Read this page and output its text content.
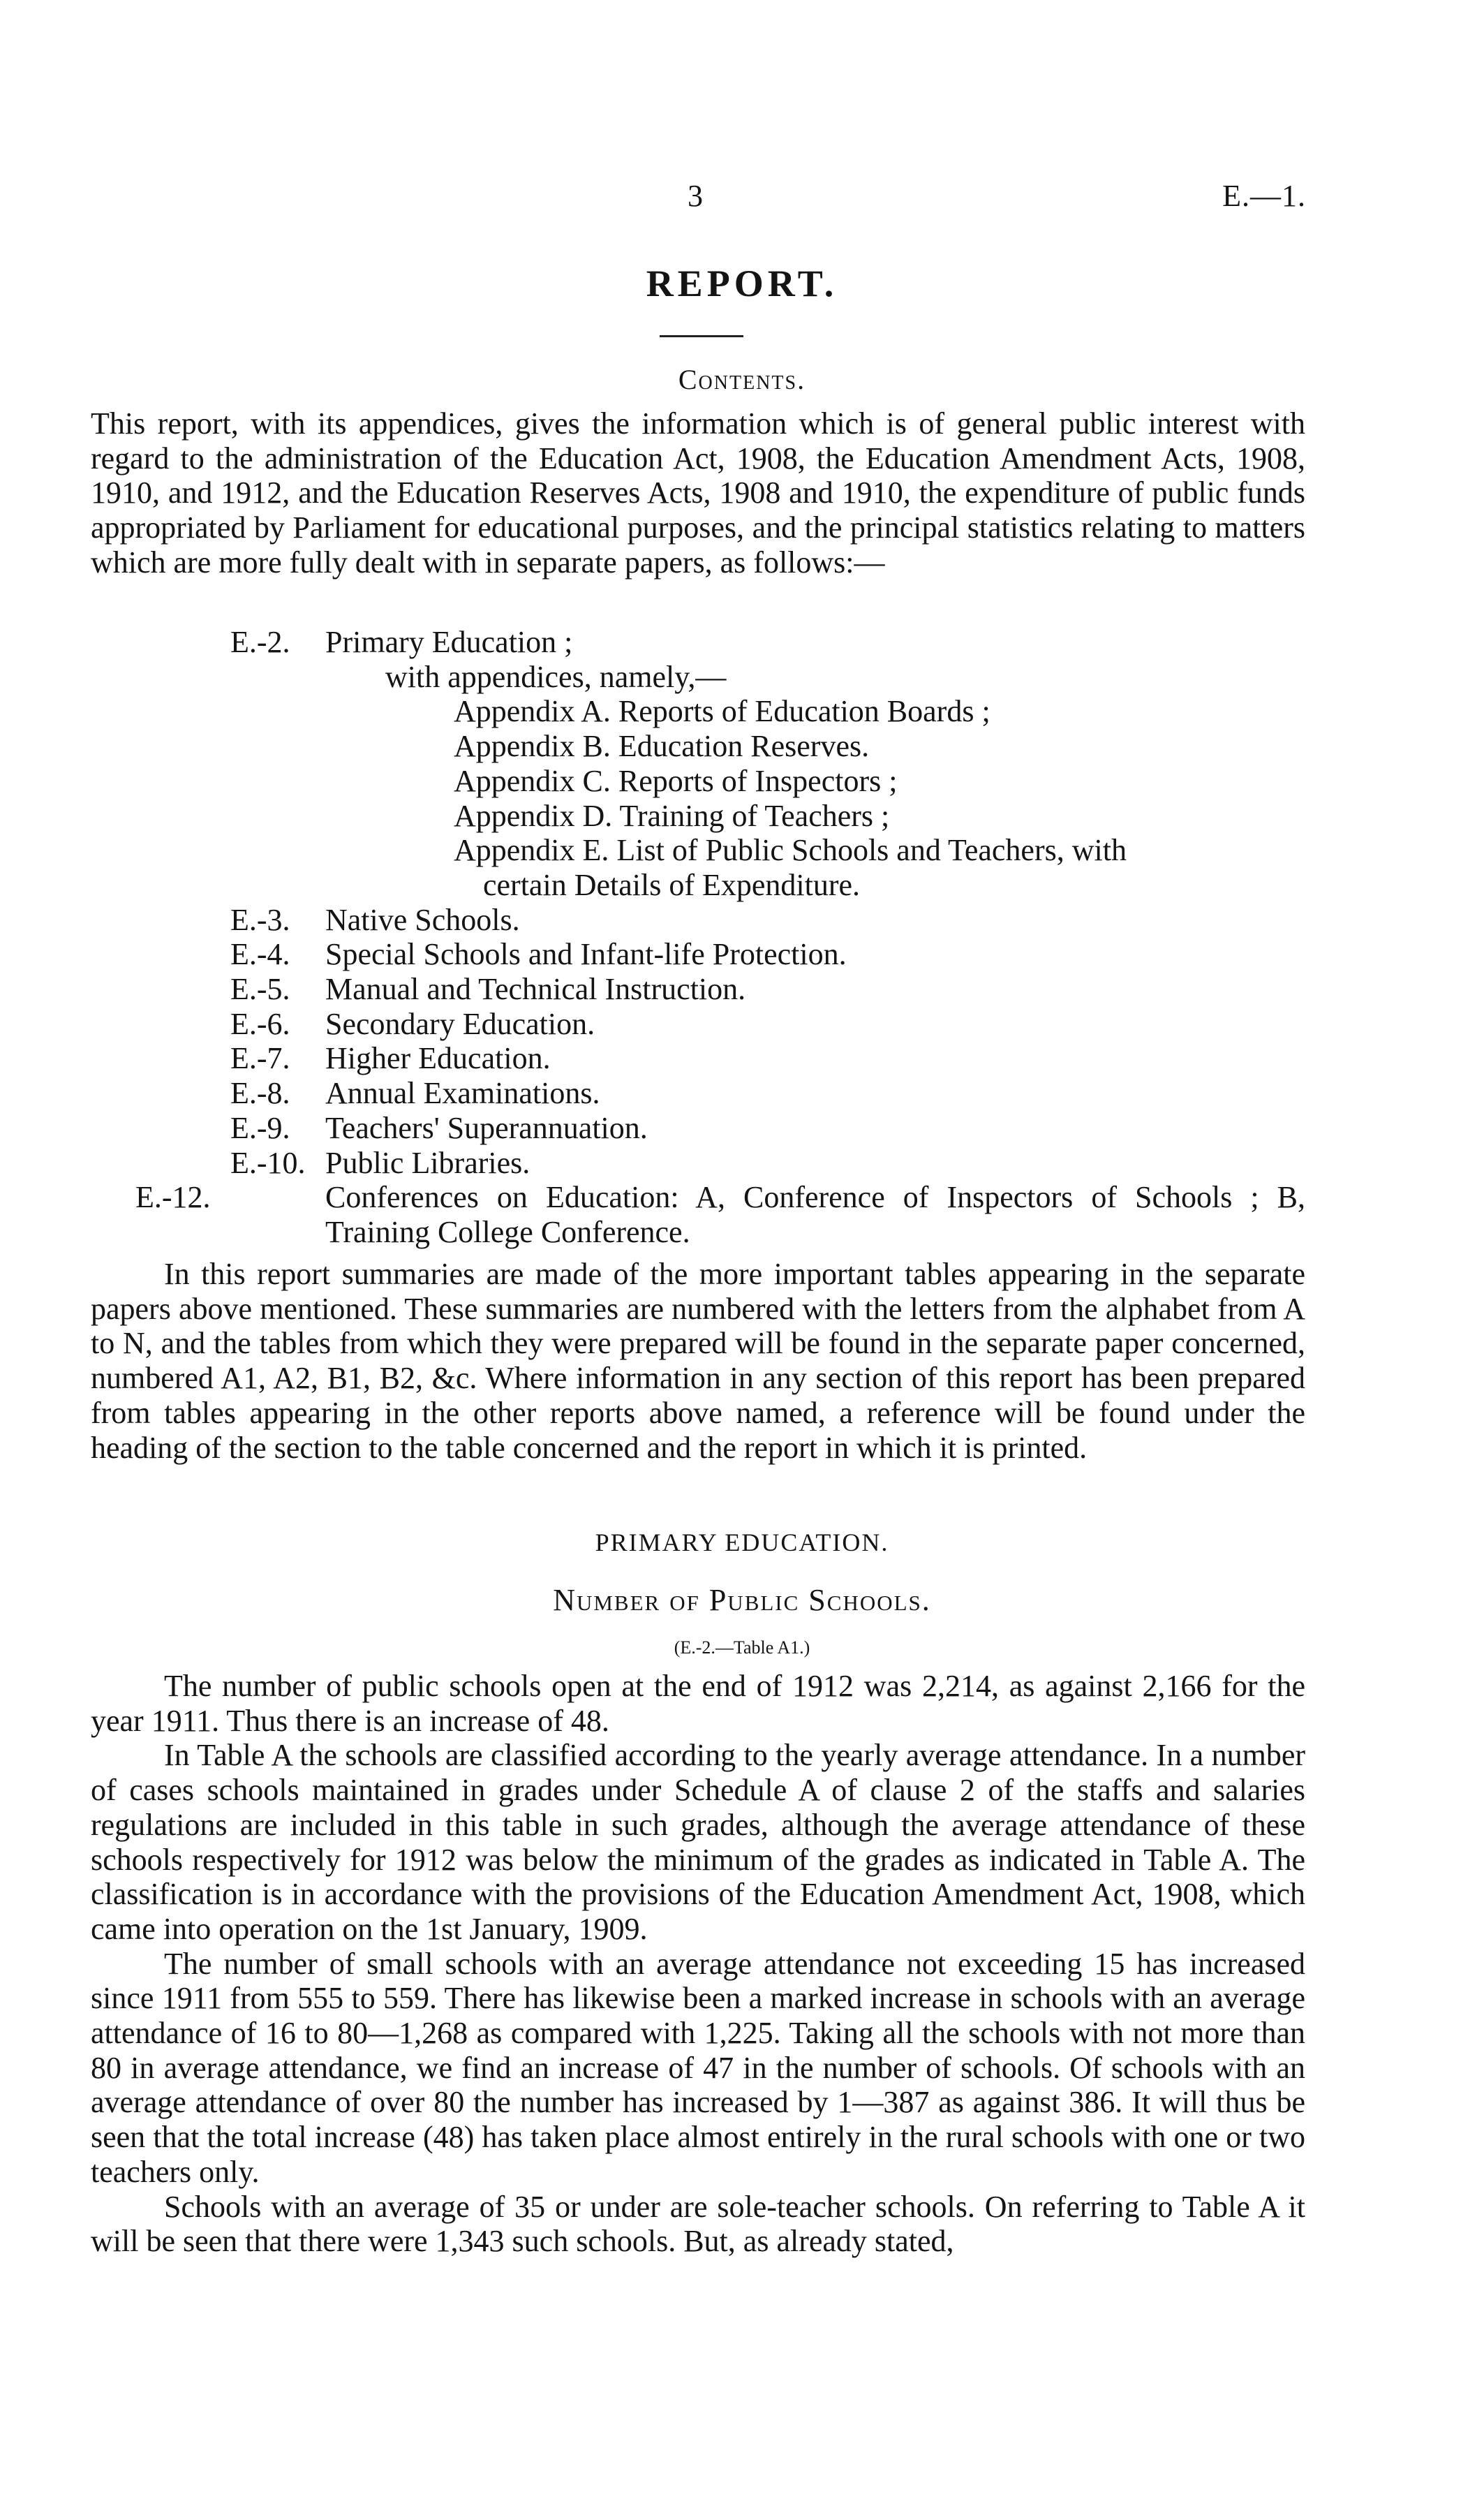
3	E.—1.
REPORT.
Contents.

This report, with its appendices, gives the information which is of general public interest with regard to the administration of the Education Act, 1908, the Education Amendment Acts, 1908, 1910, and 1912, and the Education Reserves Acts, 1908 and 1910, the expenditure of public funds appropriated by Parliament for educational purposes, and the principal statistics relating to matters which are more fully dealt with in separate papers, as follows:—

E.-2. Primary Education ;
with appendices, namely,—
Appendix A. Reports of Education Boards ;
Appendix B. Education Reserves.
Appendix C. Reports of Inspectors ;
Appendix D. Training of Teachers ;
Appendix E. List of Public Schools and Teachers, with
certain Details of Expenditure.
E.-3. Native Schools.
E.-4. Special Schools and Infant-life Protection.
E.-5. Manual and Technical Instruction.
E.-6. Secondary Education.
E.-7. Higher Education.
E.-8. Annual Examinations.
E.-9. Teachers' Superannuation.
E.-10. Public Libraries.
E.-12.	Conferences on Education: A, Conference of Inspectors of Schools ; B, Training College Conference.

In this report summaries are made of the more important tables appearing in the separate papers above mentioned. These summaries are numbered with the letters from the alphabet from A to N, and the tables from which they were prepared will be found in the separate paper concerned, numbered A1, A2, B1, B2, &c. Where information in any section of this report has been prepared from tables appearing in the other reports above named, a reference will be found under the heading of the section to the table concerned and the report in which it is printed.

PRIMARY EDUCATION.
Number of Public Schools.
(E.-2.—Table A1.)

The number of public schools open at the end of 1912 was 2,214, as against 2,166 for the year 1911. Thus there is an increase of 48.

In Table A the schools are classified according to the yearly average attendance. In a number of cases schools maintained in grades under Schedule A of clause 2 of the staffs and salaries regulations are included in this table in such grades, although the average attendance of these schools respectively for 1912 was below the minimum of the grades as indicated in Table A. The classification is in accordance with the provisions of the Education Amendment Act, 1908, which came into operation on the 1st January, 1909.

The number of small schools with an average attendance not exceeding 15 has increased since 1911 from 555 to 559. There has likewise been a marked increase in schools with an average attendance of 16 to 80—1,268 as compared with 1,225. Taking all the schools with not more than 80 in average attendance, we find an increase of 47 in the number of schools. Of schools with an average attendance of over 80 the number has increased by 1—387 as against 386. It will thus be seen that the total increase (48) has taken place almost entirely in the rural schools with one or two teachers only.

Schools with an average of 35 or under are sole-teacher schools. On referring to Table A it will be seen that there were 1,343 such schools. But, as already stated,
